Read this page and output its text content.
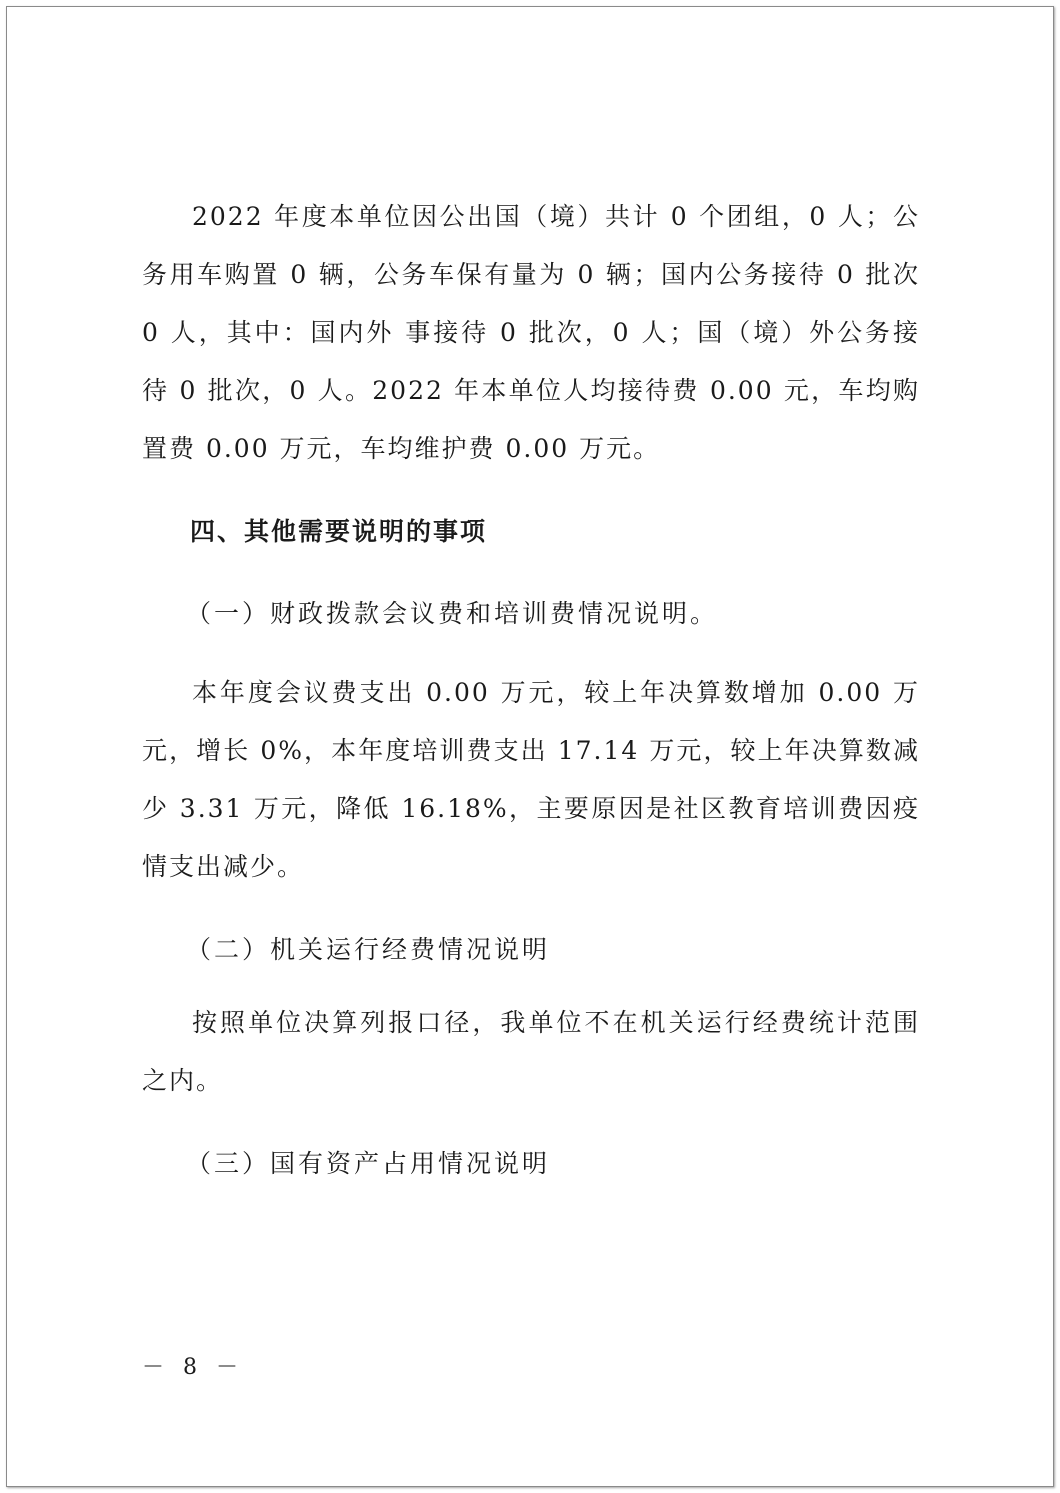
2022 年度本单位因公出国（境）共计 0 个团组，0 人；公务用车购置 0 辆，公务车保有量为 0 辆；国内公务接待 0 批次 0 人，其中：国内外 事接待 0 批次，0 人；国（境）外公务接待 0 批次，0 人。2022 年本单位人均接待费 0.00 元，车均购置费 0.00 万元，车均维护费 0.00 万元。

四、其他需要说明的事项

（一）财政拨款会议费和培训费情况说明。

本年度会议费支出 0.00 万元，较上年决算数增加 0.00 万元，增长 0%，本年度培训费支出 17.14 万元，较上年决算数减少 3.31 万元，降低 16.18%，主要原因是社区教育培训费因疫情支出减少。

（二）机关运行经费情况说明

按照单位决算列报口径，我单位不在机关运行经费统计范围之内。

（三）国有资产占用情况说明

－ 8 －
